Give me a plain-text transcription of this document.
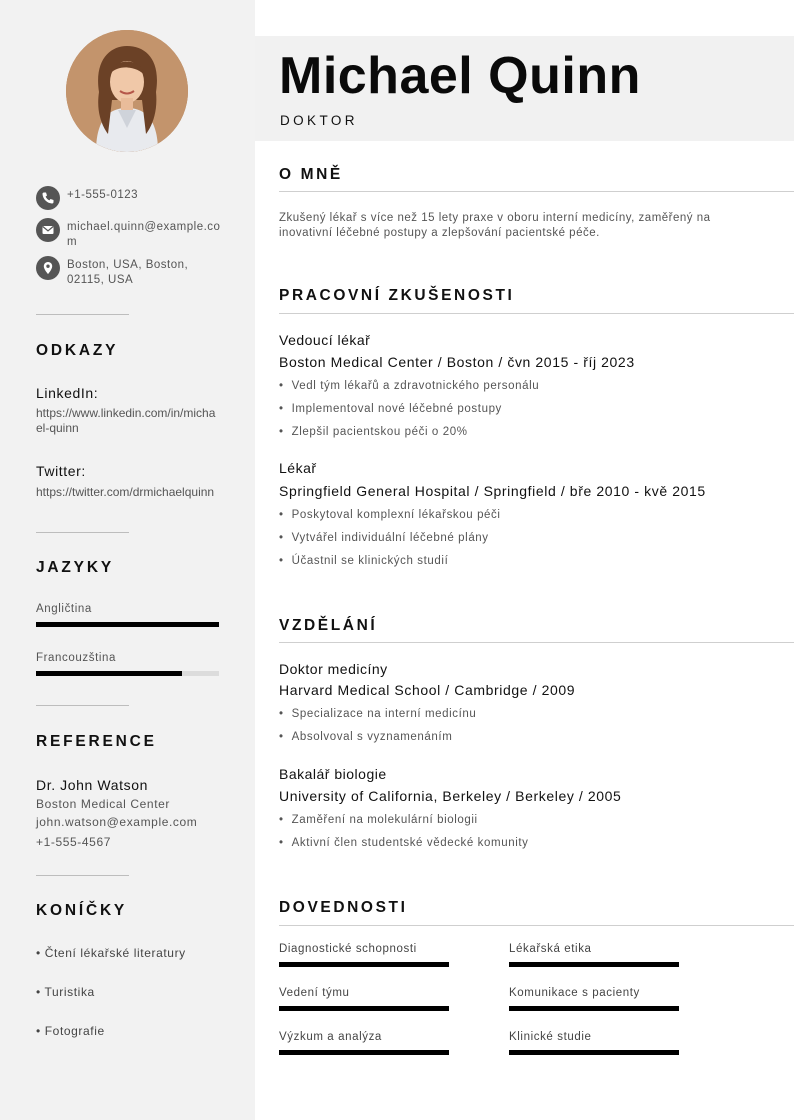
+1-555-0123
michael.quinn@example.com
Boston, USA, Boston, 02115, USA
ODKAZY
LinkedIn:
https://www.linkedin.com/in/michael-quinn
Twitter:
https://twitter.com/drmichaelquinn
JAZYKY
Angličtina
Francouzština
REFERENCE
Dr. John Watson
Boston Medical Center
john.watson@example.com
+1-555-4567
KONÍČKY
• Čtení lékařské literatury
• Turistika
• Fotografie
Michael Quinn
DOKTOR
O MNĚ
Zkušený lékař s více než 15 lety praxe v oboru interní medicíny, zaměřený na inovativní léčebné postupy a zlepšování pacientské péče.
PRACOVNÍ ZKUŠENOSTI
Vedoucí lékař
Boston Medical Center / Boston / čvn 2015 - říj 2023
• Vedl tým lékařů a zdravotnického personálu
• Implementoval nové léčebné postupy
• Zlepšil pacientskou péči o 20%
Lékař
Springfield General Hospital / Springfield / bře 2010 - kvě 2015
• Poskytoval komplexní lékařskou péči
• Vytvářel individuální léčebné plány
• Účastnil se klinických studií
VZDĚLÁNÍ
Doktor medicíny
Harvard Medical School / Cambridge / 2009
• Specializace na interní medicínu
• Absolvoval s vyznamenáním
Bakalář biologie
University of California, Berkeley / Berkeley / 2005
• Zaměření na molekulární biologii
• Aktivní člen studentské vědecké komunity
DOVEDNOSTI
Diagnostické schopnosti	Lékařská etika
Vedení týmu	Komunikace s pacienty
Výzkum a analýza	Klinické studie
